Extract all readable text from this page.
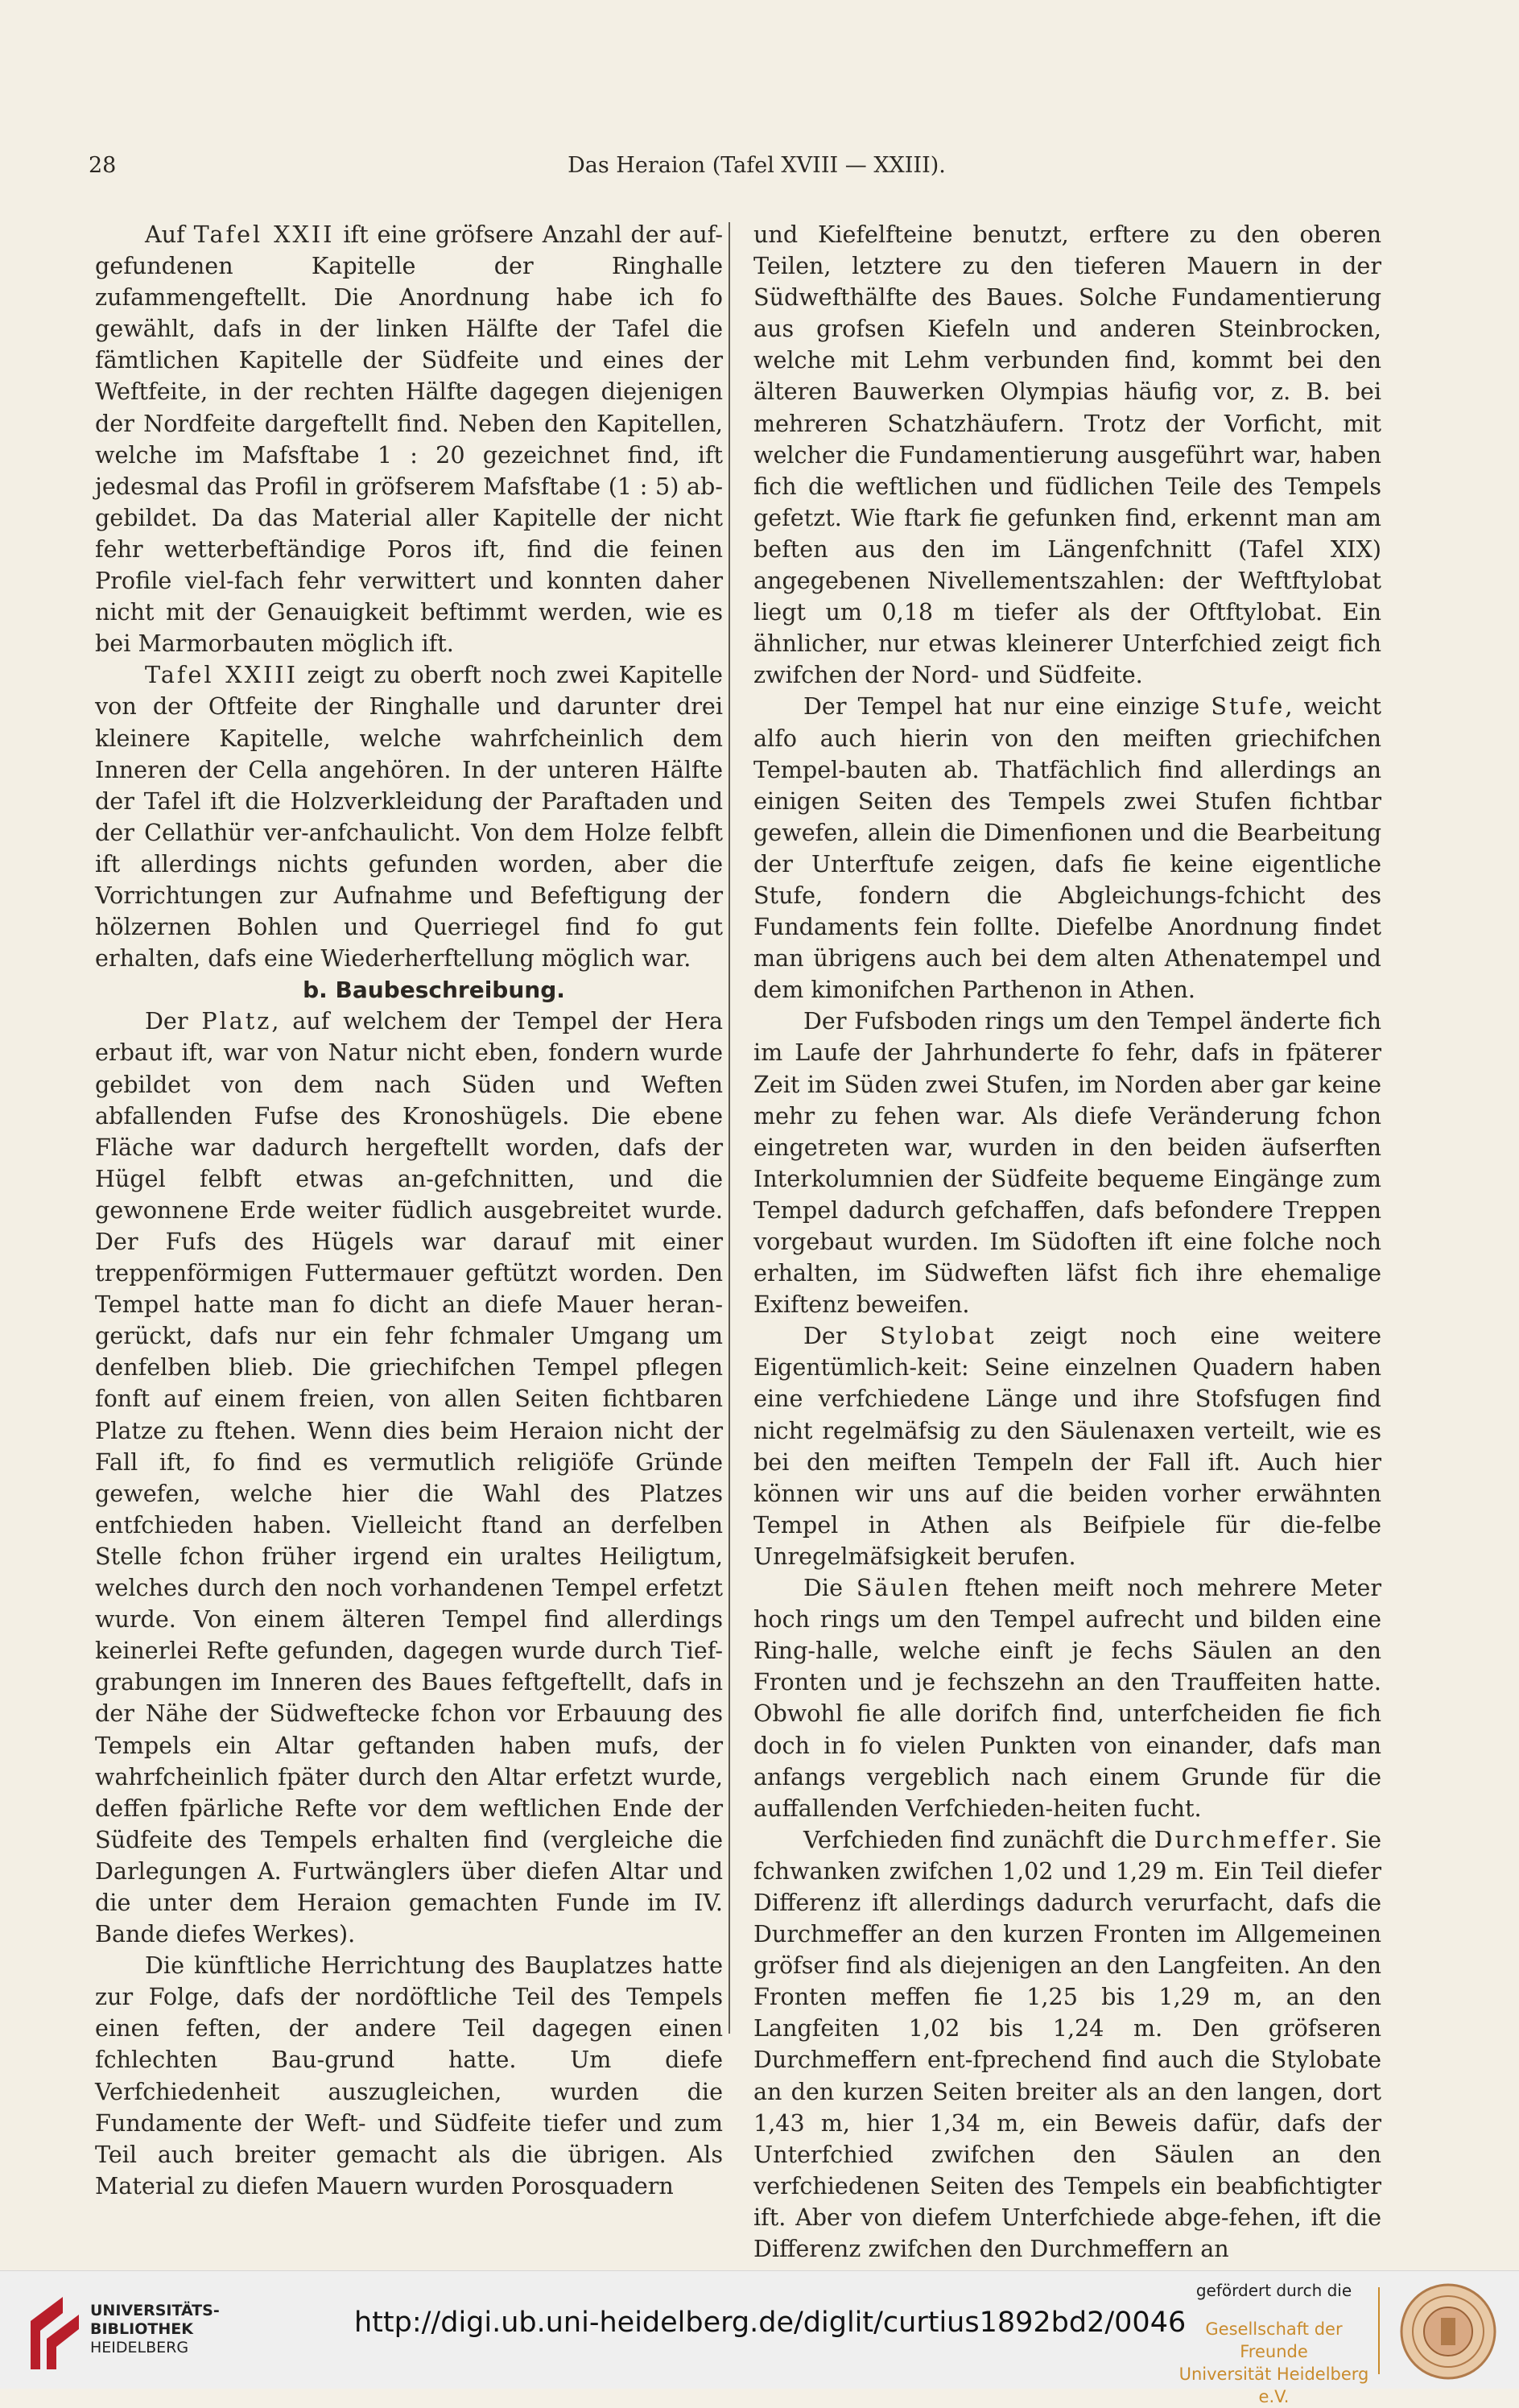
28	Das Heraion (Tafel XVIII — XXIII).

Auf Tafel XXII ift eine gröfsere Anzahl der auf-gefundenen Kapitelle der Ringhalle zufammengeftellt. Die Anordnung habe ich fo gewählt, dafs in der linken Hälfte der Tafel die fämtlichen Kapitelle der Südfeite und eines der Weftfeite, in der rechten Hälfte dagegen diejenigen der Nordfeite dargeftellt find. Neben den Kapitellen, welche im Mafsftabe 1 : 20 gezeichnet find, ift jedesmal das Profil in gröfserem Mafsftabe (1 : 5) ab-gebildet. Da das Material aller Kapitelle der nicht fehr wetterbeftändige Poros ift, find die feinen Profile viel-fach fehr verwittert und konnten daher nicht mit der Genauigkeit beftimmt werden, wie es bei Marmorbauten möglich ift.

Tafel XXIII zeigt zu oberft noch zwei Kapitelle von der Oftfeite der Ringhalle und darunter drei kleinere Kapitelle, welche wahrfcheinlich dem Inneren der Cella angehören. In der unteren Hälfte der Tafel ift die Holzverkleidung der Paraftaden und der Cellathür ver-anfchaulicht. Von dem Holze felbft ift allerdings nichts gefunden worden, aber die Vorrichtungen zur Aufnahme und Befeftigung der hölzernen Bohlen und Querriegel find fo gut erhalten, dafs eine Wiederherftellung möglich war.

b. Baubeschreibung.

Der Platz, auf welchem der Tempel der Hera erbaut ift, war von Natur nicht eben, fondern wurde gebildet von dem nach Süden und Weften abfallenden Fufse des Kronoshügels. Die ebene Fläche war dadurch hergeftellt worden, dafs der Hügel felbft etwas an-gefchnitten, und die gewonnene Erde weiter füdlich ausgebreitet wurde. Der Fufs des Hügels war darauf mit einer treppenförmigen Futtermauer geftützt worden. Den Tempel hatte man fo dicht an diefe Mauer heran-gerückt, dafs nur ein fehr fchmaler Umgang um denfelben blieb. Die griechifchen Tempel pflegen fonft auf einem freien, von allen Seiten fichtbaren Platze zu ftehen. Wenn dies beim Heraion nicht der Fall ift, fo find es vermutlich religiöfe Gründe gewefen, welche hier die Wahl des Platzes entfchieden haben. Vielleicht ftand an derfelben Stelle fchon früher irgend ein uraltes Heiligtum, welches durch den noch vorhandenen Tempel erfetzt wurde. Von einem älteren Tempel find allerdings keinerlei Refte gefunden, dagegen wurde durch Tief-grabungen im Inneren des Baues feftgeftellt, dafs in der Nähe der Südweftecke fchon vor Erbauung des Tempels ein Altar geftanden haben mufs, der wahrfcheinlich fpäter durch den Altar erfetzt wurde, deffen fpärliche Refte vor dem weftlichen Ende der Südfeite des Tempels erhalten find (vergleiche die Darlegungen A. Furtwänglers über diefen Altar und die unter dem Heraion gemachten Funde im IV. Bande diefes Werkes).

Die künftliche Herrichtung des Bauplatzes hatte zur Folge, dafs der nordöftliche Teil des Tempels einen feften, der andere Teil dagegen einen fchlechten Bau-grund hatte. Um diefe Verfchiedenheit auszugleichen, wurden die Fundamente der Weft- und Südfeite tiefer und zum Teil auch breiter gemacht als die übrigen. Als Material zu diefen Mauern wurden Porosquadern

und Kiefelfteine benutzt, erftere zu den oberen Teilen, letztere zu den tieferen Mauern in der Südwefthälfte des Baues. Solche Fundamentierung aus grofsen Kiefeln und anderen Steinbrocken, welche mit Lehm verbunden find, kommt bei den älteren Bauwerken Olympias häufig vor, z. B. bei mehreren Schatzhäufern. Trotz der Vorficht, mit welcher die Fundamentierung ausgeführt war, haben fich die weftlichen und füdlichen Teile des Tempels gefetzt. Wie ftark fie gefunken find, erkennt man am beften aus den im Längenfchnitt (Tafel XIX) angegebenen Nivellementszahlen: der Weftftylobat liegt um 0,18 m tiefer als der Oftftylobat. Ein ähnlicher, nur etwas kleinerer Unterfchied zeigt fich zwifchen der Nord- und Südfeite.

Der Tempel hat nur eine einzige Stufe, weicht alfo auch hierin von den meiften griechifchen Tempel-bauten ab. Thatfächlich find allerdings an einigen Seiten des Tempels zwei Stufen fichtbar gewefen, allein die Dimenfionen und die Bearbeitung der Unterftufe zeigen, dafs fie keine eigentliche Stufe, fondern die Abgleichungs-fchicht des Fundaments fein follte. Diefelbe Anordnung findet man übrigens auch bei dem alten Athenatempel und dem kimonifchen Parthenon in Athen.

Der Fufsboden rings um den Tempel änderte fich im Laufe der Jahrhunderte fo fehr, dafs in fpäterer Zeit im Süden zwei Stufen, im Norden aber gar keine mehr zu fehen war. Als diefe Veränderung fchon eingetreten war, wurden in den beiden äufserften Interkolumnien der Südfeite bequeme Eingänge zum Tempel dadurch gefchaffen, dafs befondere Treppen vorgebaut wurden. Im Südoften ift eine folche noch erhalten, im Südweften läfst fich ihre ehemalige Exiftenz beweifen.

Der Stylobat zeigt noch eine weitere Eigentümlich-keit: Seine einzelnen Quadern haben eine verfchiedene Länge und ihre Stofsfugen find nicht regelmäfsig zu den Säulenaxen verteilt, wie es bei den meiften Tempeln der Fall ift. Auch hier können wir uns auf die beiden vorher erwähnten Tempel in Athen als Beifpiele für die-felbe Unregelmäfsigkeit berufen.

Die Säulen ftehen meift noch mehrere Meter hoch rings um den Tempel aufrecht und bilden eine Ring-halle, welche einft je fechs Säulen an den Fronten und je fechszehn an den Trauffeiten hatte. Obwohl fie alle dorifch find, unterfcheiden fie fich doch in fo vielen Punkten von einander, dafs man anfangs vergeblich nach einem Grunde für die auffallenden Verfchieden-heiten fucht.

Verfchieden find zunächft die Durchmeffer. Sie fchwanken zwifchen 1,02 und 1,29 m. Ein Teil diefer Differenz ift allerdings dadurch verurfacht, dafs die Durchmeffer an den kurzen Fronten im Allgemeinen gröfser find als diejenigen an den Langfeiten. An den Fronten meffen fie 1,25 bis 1,29 m, an den Langfeiten 1,02 bis 1,24 m. Den gröfseren Durchmeffern ent-fprechend find auch die Stylobate an den kurzen Seiten breiter als an den langen, dort 1,43 m, hier 1,34 m, ein Beweis dafür, dafs der Unterfchied zwifchen den Säulen an den verfchiedenen Seiten des Tempels ein beabfichtigter ift. Aber von diefem Unterfchiede abge-fehen, ift die Differenz zwifchen den Durchmeffern an

UNIVERSITÄTS-
BIBLIOTHEK
HEIDELBERG
http://digi.ub.uni-heidelberg.de/diglit/curtius1892bd2/0046
gefördert durch die
Gesellschaft der Freunde
Universität Heidelberg e.V.
